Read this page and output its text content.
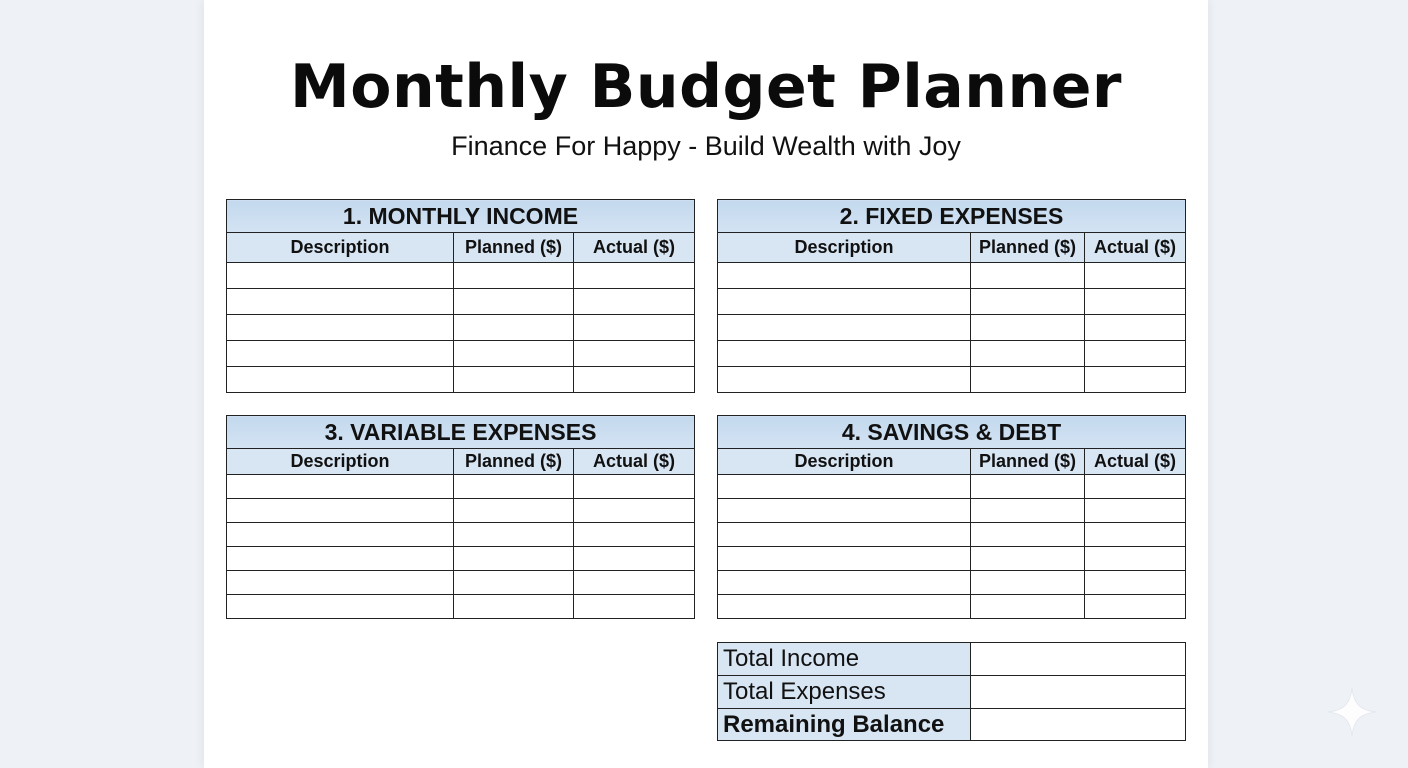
Monthly Budget Planner
Finance For Happy - Build Wealth with Joy
1. MONTHLY INCOME		
Description	Planned ($)	Actual ($)

2. FIXED EXPENSES		
Description	Planned ($)	Actual ($)

3. VARIABLE EXPENSES		
Description	Planned ($)	Actual ($)

4. SAVINGS & DEBT		
Description	Planned ($)	Actual ($)

Total Income	
Total Expenses	
Remaining Balance	
